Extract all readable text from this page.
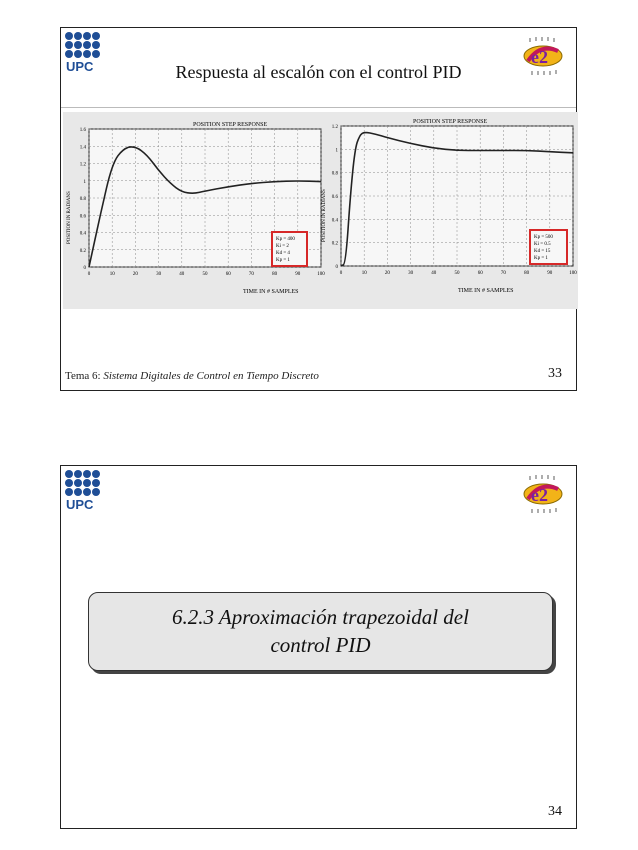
UPC	e2
Respuesta al escalón con el control PID
POSITION STEP RESPONSE
0
0.2
0.4
0.6
0.8
1
1.2
1.4
1.6
0	10	20	30	40	50	60	70	80	90	100
TIME IN # SAMPLES
POSITION IN RADIANS	Kp = 400
Ki = 2
Kd = 4
Kp = 1
POSITION STEP RESPONSE
0
0.2
0.4
0.6
0.8
1
1.2
0	10	20	30	40	50	60	70	80	90	100
TIME IN # SAMPLES
POSITION IN RADIANS	Kp = 500
Ki = 0.5
Kd = 15
Kp = 1
Tema 6: Sistema Digitales de Control en Tiempo Discreto	33
UPC	e2
6.2.3 Aproximación trapezoidal del
control PID
34
